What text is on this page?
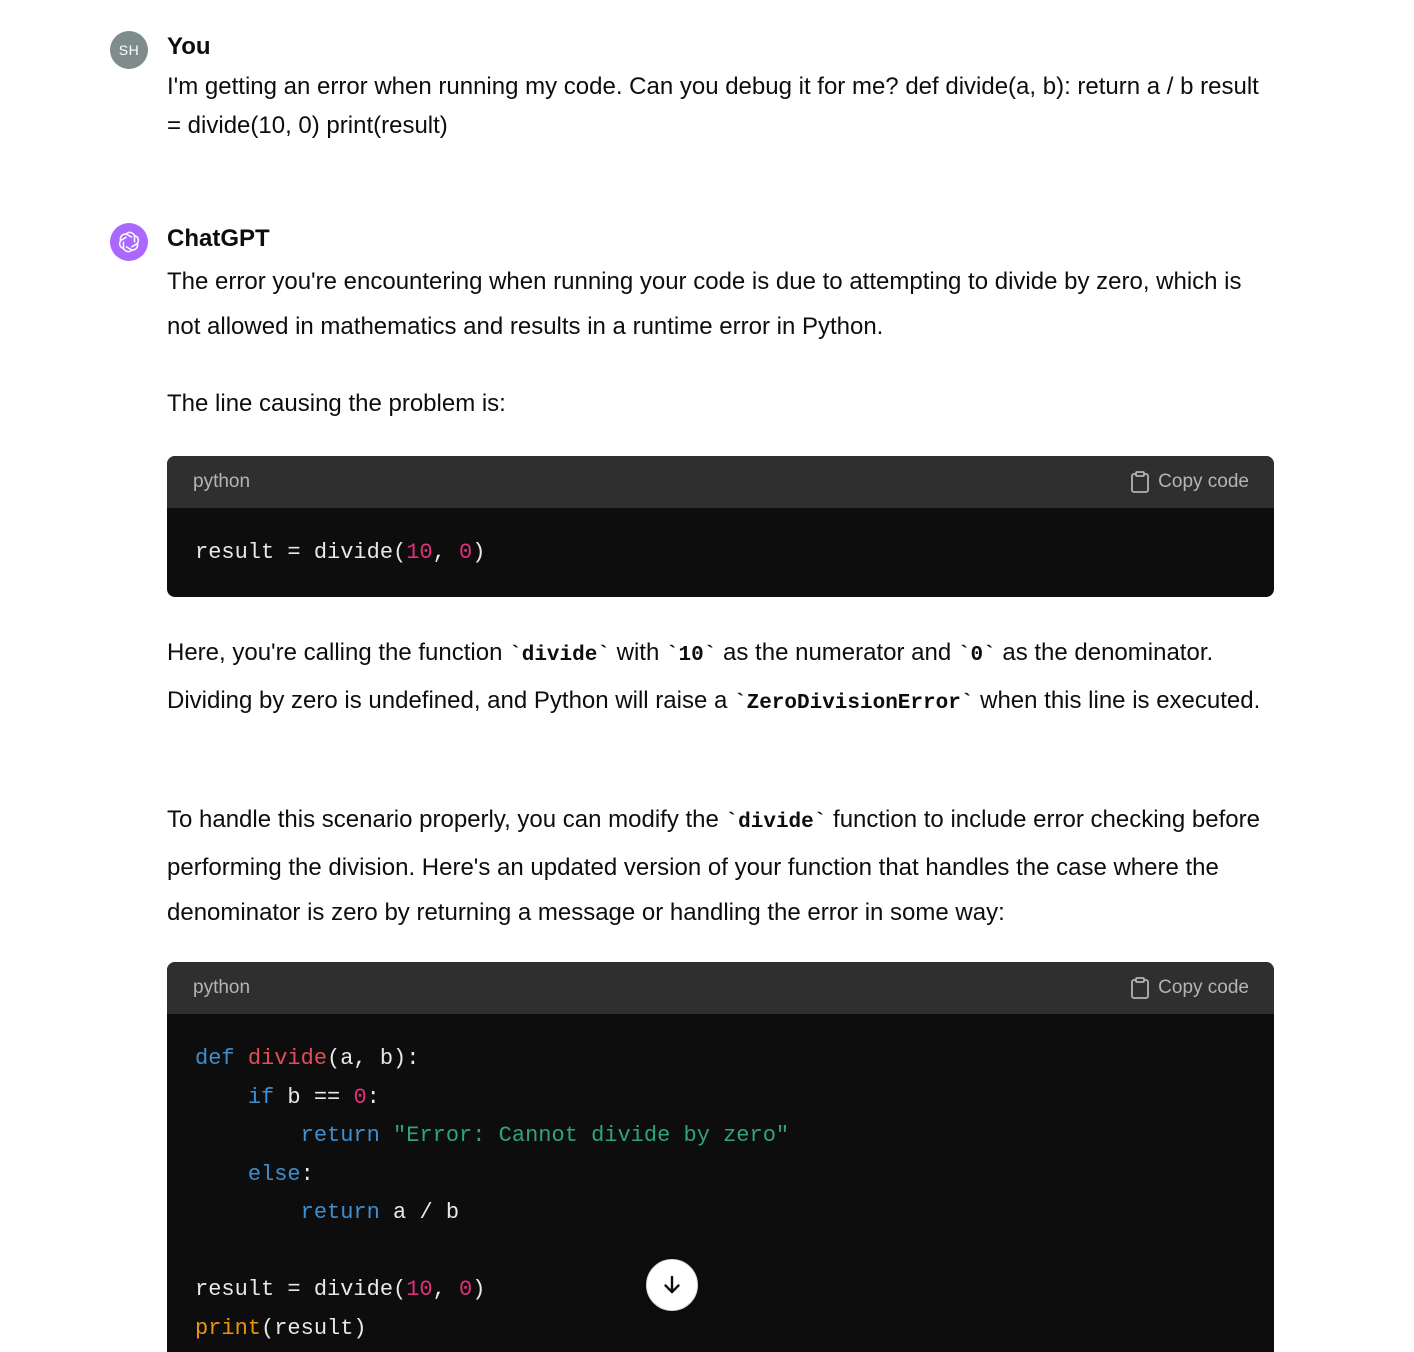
SH You

I'm getting an error when running my code. Can you debug it for me? def divide(a, b): return a / b result = divide(10, 0) print(result)

ChatGPT

The error you're encountering when running your code is due to attempting to divide by zero, which is not allowed in mathematics and results in a runtime error in Python.

The line causing the problem is:

python	Copy code
result = divide(10, 0)

Here, you're calling the function `divide` with `10` as the numerator and `0` as the denominator. Dividing by zero is undefined, and Python will raise a `ZeroDivisionError` when this line is executed.

To handle this scenario properly, you can modify the `divide` function to include error checking before performing the division. Here's an updated version of your function that handles the case where the denominator is zero by returning a message or handling the error in some way:

python	Copy code
def divide(a, b):
if b == 0:
return "Error: Cannot divide by zero"
else:
return a / b

result = divide(10, 0)
print(result)
